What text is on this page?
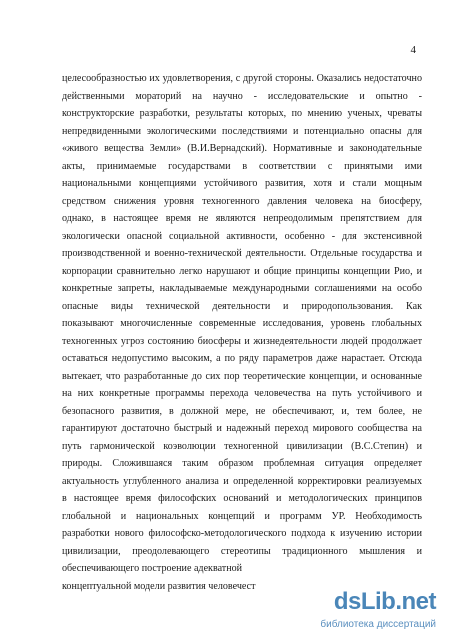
4
целесообразностью их удовлетворения, с другой стороны. Оказались недостаточно
действенными мораторий на научно - исследовательские и опытно -
конструкторские разработки, результаты которых, по мнению ученых, чреваты
непредвиденными экологическими последствиями и потенциально опасны для
«живого вещества Земли» (В.И.Вернадский). Нормативные и законодательные
акты, принимаемые государствами в соответствии с принятыми ими
национальными концепциями устойчивого развития, хотя и стали мощным
средством снижения уровня техногенного давления человека на биосферу,
однако, в настоящее время не являются непреодолимым препятствием для
экологически опасной социальной активности, особенно - для экстенсивной
производственной и военно-технической деятельности. Отдельные государства и
корпорации сравнительно легко нарушают и общие принципы концепции Рио, и
конкретные запреты, накладываемые международными соглашениями на особо
опасные виды технической деятельности и природопользования. Как
показывают многочисленные современные исследования, уровень глобальных
техногенных угроз состоянию биосферы и жизнедеятельности людей продолжает
оставаться недопустимо высоким, а по ряду параметров даже нарастает. Отсюда
вытекает, что разработанные до сих пор теоретические концепции, и основанные
на них конкретные программы перехода человечества на путь устойчивого и
безопасного развития, в должной мере, не обеспечивают, и, тем более, не
гарантируют достаточно быстрый и надежный переход мирового сообщества на
путь гармонической коэволюции техногенной цивилизации (В.С.Степин) и
природы. Сложившаяся таким образом проблемная ситуация определяет
актуальность углубленного анализа и определенной корректировки реализуемых
в настоящее время философских оснований и методологических принципов
глобальной и национальных концепций и программ УР. Необходимость
разработки нового философско-методологического подхода к изучению истории
цивилизации, преодолевающего стереотипы традиционного мышления и
обеспечивающего построение адекватной
концептуальной модели развития человечест
dsLib.net
библиотека диссертаций
